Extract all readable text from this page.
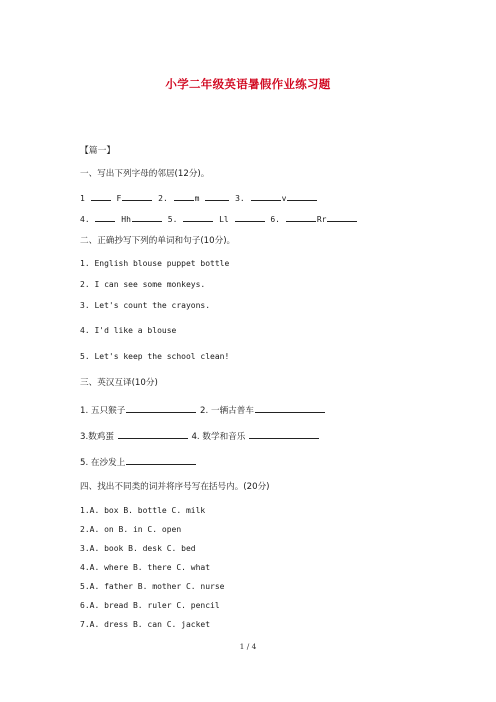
小学二年级英语暑假作业练习题
【篇一】
一、写出下列字母的邻居(12分)。
1	F	2.	m	3.	v
4.	Hh	5.	Ll	6.	Rr
二、正确抄写下列的单词和句子(10分)。
1. English blouse puppet bottle
2. I can see some monkeys.
3. Let's count the crayons.
4. I'd like a blouse
5. Let's keep the school clean!
三、英汉互译(10分)
1. 五只猴子	2. 一辆古普车
3.数鸡蛋	4. 数学和音乐
5. 在沙发上
四、找出不同类的词并将序号写在括号内。(20分)
1.A. box B. bottle C. milk
2.A. on B. in C. open
3.A. book B. desk C. bed
4.A. where B. there C. what
5.A. father B. mother C. nurse
6.A. bread B. ruler C. pencil
7.A. dress B. can C. jacket
1 / 4
